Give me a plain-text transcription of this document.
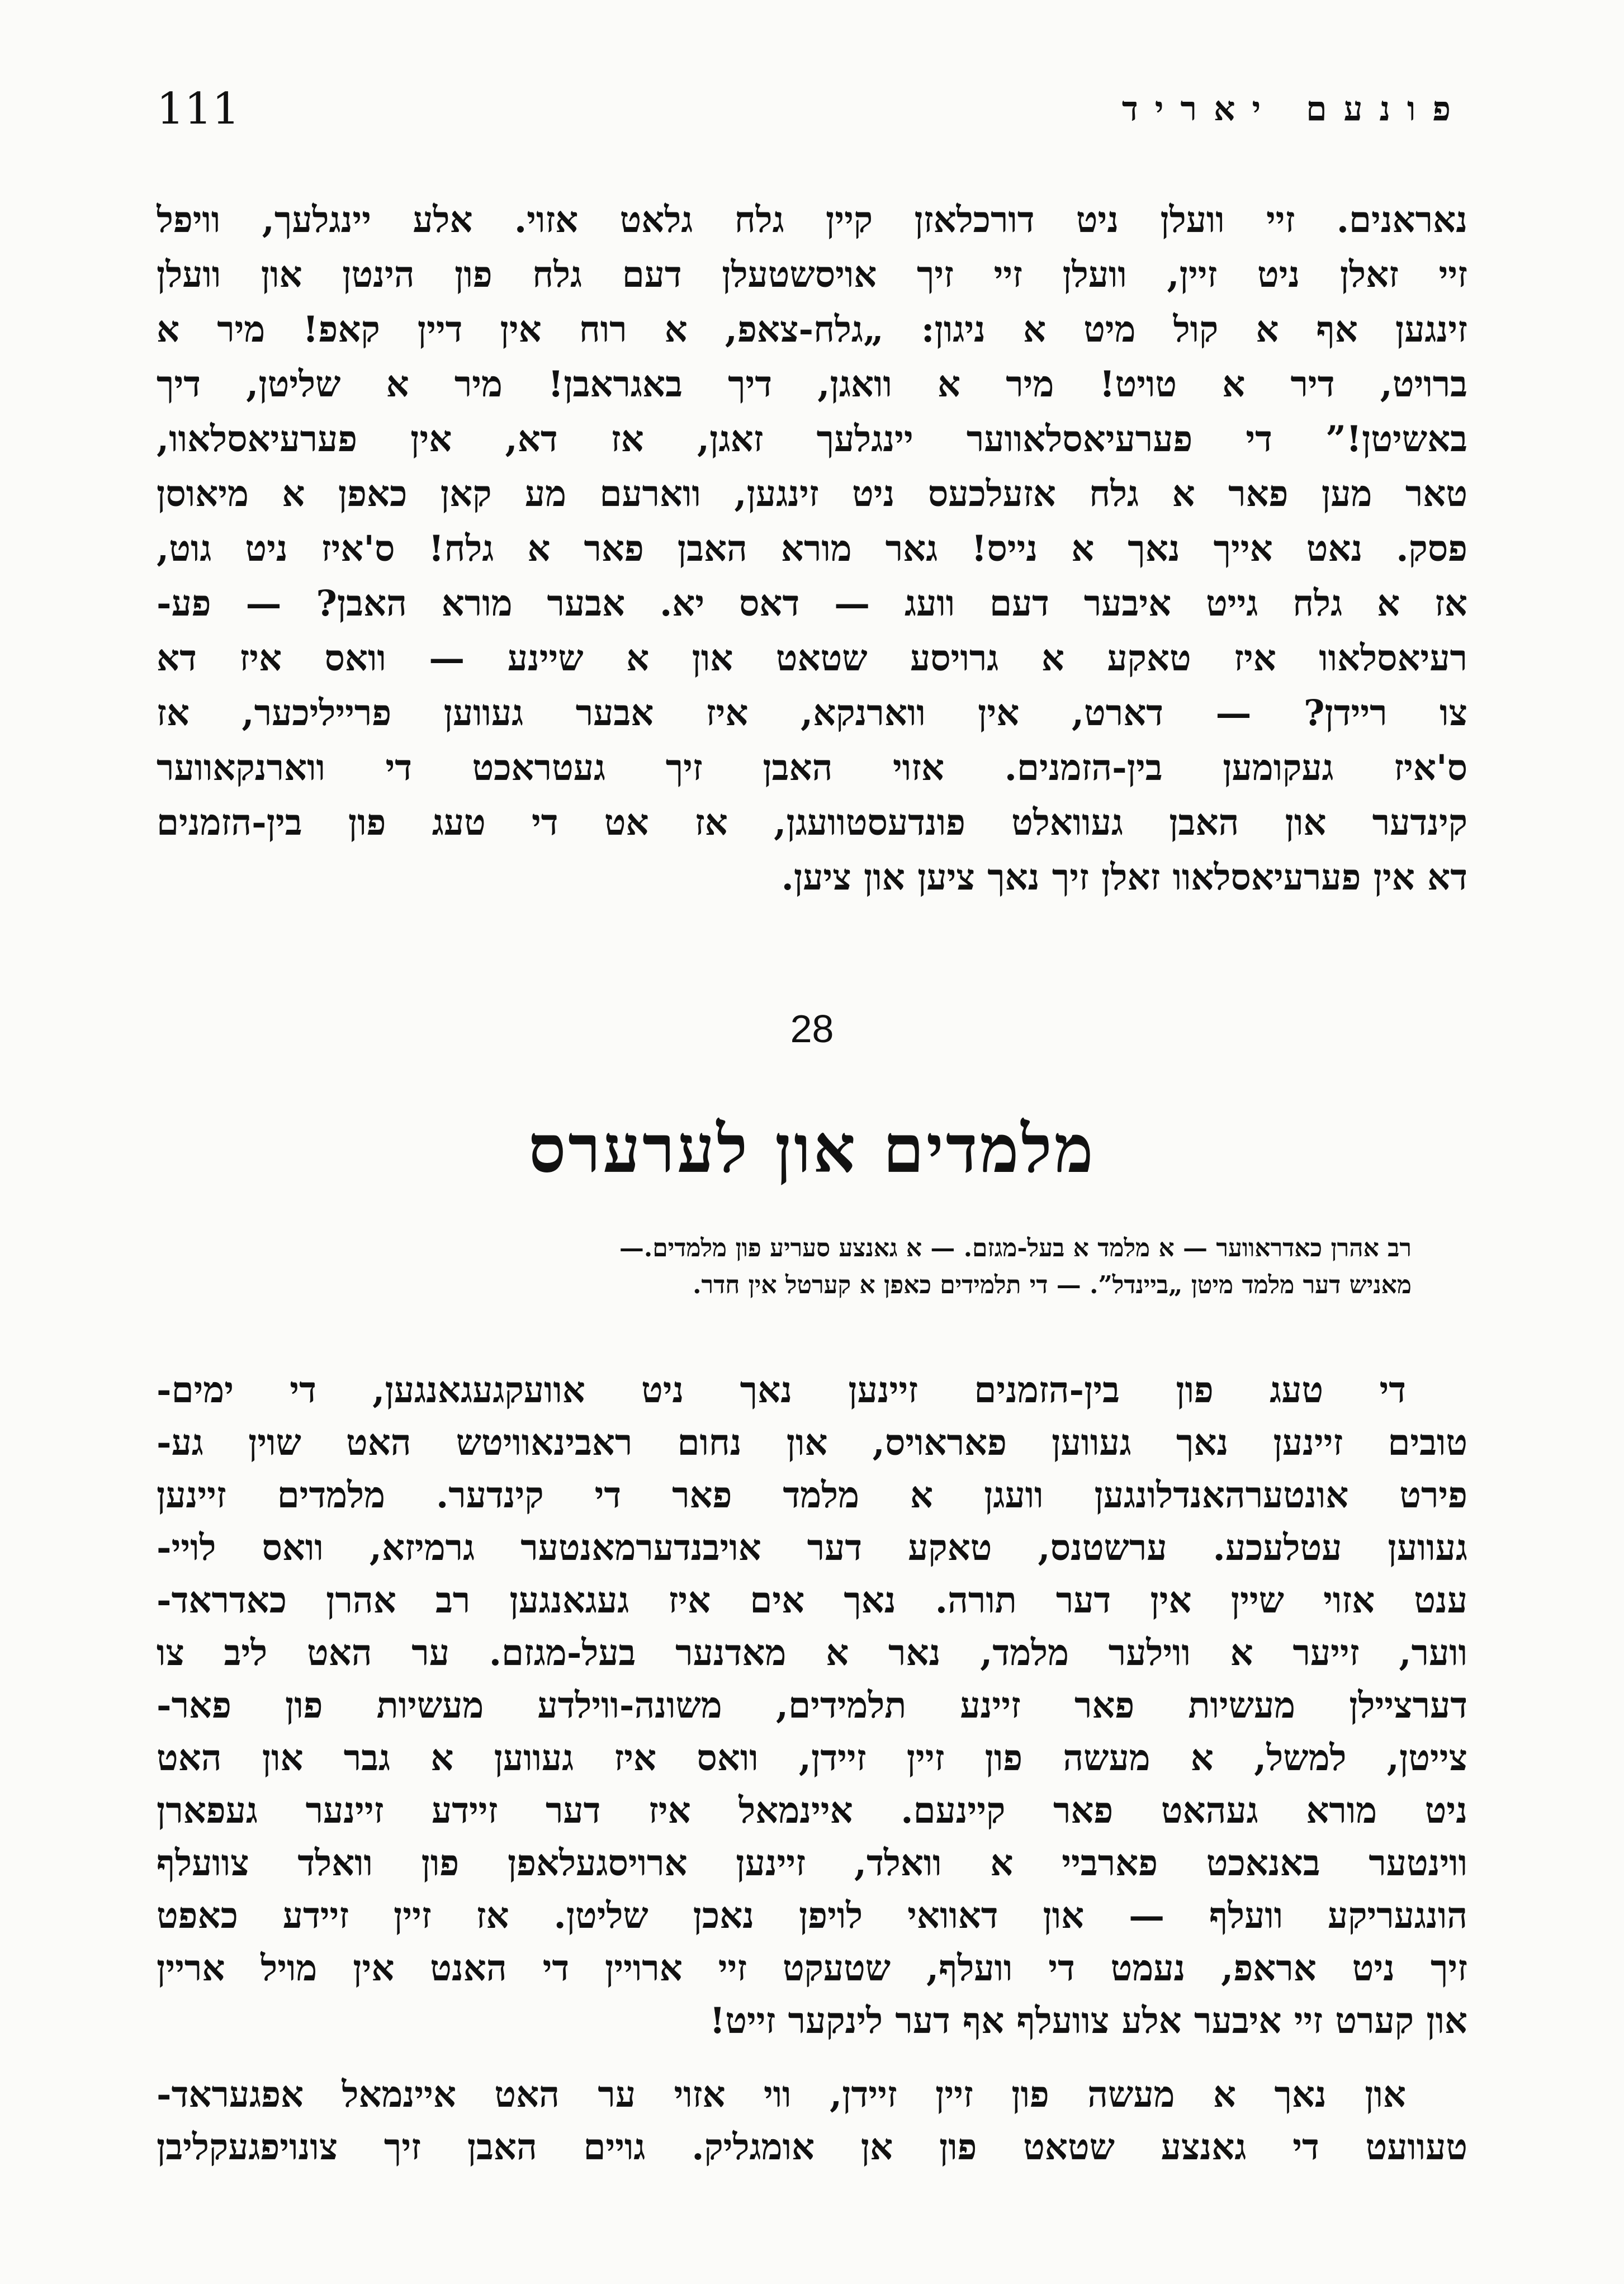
111	פונעם יאריד
נאראנים. זיי וועלן ניט דורכלאזן קיין גלח גלאט אזוי. אלע יינגלעך, וויפל
זיי זאלן ניט זיין, וועלן זיי זיך אויסשטעלן דעם גלח פון הינטן און וועלן
זינגען אף א קול מיט א ניגון: „גלח-צאפ, א רוח אין דיין קאפ! מיר א
ברויט, דיר א טויט! מיר א וואגן, דיך באגראבן! מיר א שליטן, דיך
באשיטן!” די פערעיאסלאווער יינגלעך זאגן, אז דא, אין פערעיאסלאוו,
טאר מען פאר א גלח אזעלכעס ניט זינגען, ווארעם מע קאן כאפן א מיאוסן
פסק. נאט אייך נאך א נייס! גאר מורא האבן פאר א גלח! ס'איז ניט גוט,
אז א גלח גייט איבער דעם וועג — דאס יא. אבער מורא האבן? — פע-
רעיאסלאוו איז טאקע א גרויסע שטאט און א שיינע — וואס איז דא
צו ריידן? — דארט, אין ווארנקא, איז אבער געווען פרייליכער, אז
ס'איז געקומען בין-הזמנים. אזוי האבן זיך געטראכט די ווארנקאווער
קינדער און האבן געוואלט פונדעסטוועגן, אז אט די טעג פון בין-הזמנים
דא אין פערעיאסלאוו זאלן זיך נאך ציען און ציען.
28
מלמדים און לערערס
רב אהרן כאדראווער — א מלמד א בעל-מגזם. — א גאנצע סעריע פון מלמדים.—
מאניש דער מלמד מיטן „ביינדל”. — די תלמידים כאפן א קערטל אין חדר.
די טעג פון בין-הזמנים זיינען נאך ניט אוועקגעגאנגען, די ימים-
טובים זיינען נאך געווען פאראויס, און נחום ראבינאוויטש האט שוין גע-
פירט אונטערהאנדלונגען וועגן א מלמד פאר די קינדער. מלמדים זיינען
געווען עטלעכע. ערשטנס, טאקע דער אויבנדערמאנטער גרמיזא, וואס לויי-
ענט אזוי שיין אין דער תורה. נאך אים איז געגאנגען רב אהרן כאדראד-
ווער, זייער א ווילער מלמד, נאר א מאדנער בעל-מגזם. ער האט ליב צו
דערציילן מעשיות פאר זיינע תלמידים, משונה-ווילדע מעשיות פון פאר-
צייטן, למשל, א מעשה פון זיין זיידן, וואס איז געווען א גבר און האט
ניט מורא געהאט פאר קיינעם. איינמאל איז דער זיידע זיינער געפארן
ווינטער באנאכט פארביי א וואלד, זיינען ארויסגעלאפן פון וואלד צוועלף
הונגעריקע וועלף — און דאוואי לויפן נאכן שליטן. אז זיין זיידע כאפט
זיך ניט אראפ, נעמט די וועלף, שטעקט זיי ארויין די האנט אין מויל אריין
און קערט זיי איבער אלע צוועלף אף דער לינקער זייט!
און נאך א מעשה פון זיין זיידן, ווי אזוי ער האט איינמאל אפגעראד-
טעוועט די גאנצע שטאט פון אן אומגליק. גויים האבן זיך צונויפגעקליבן
